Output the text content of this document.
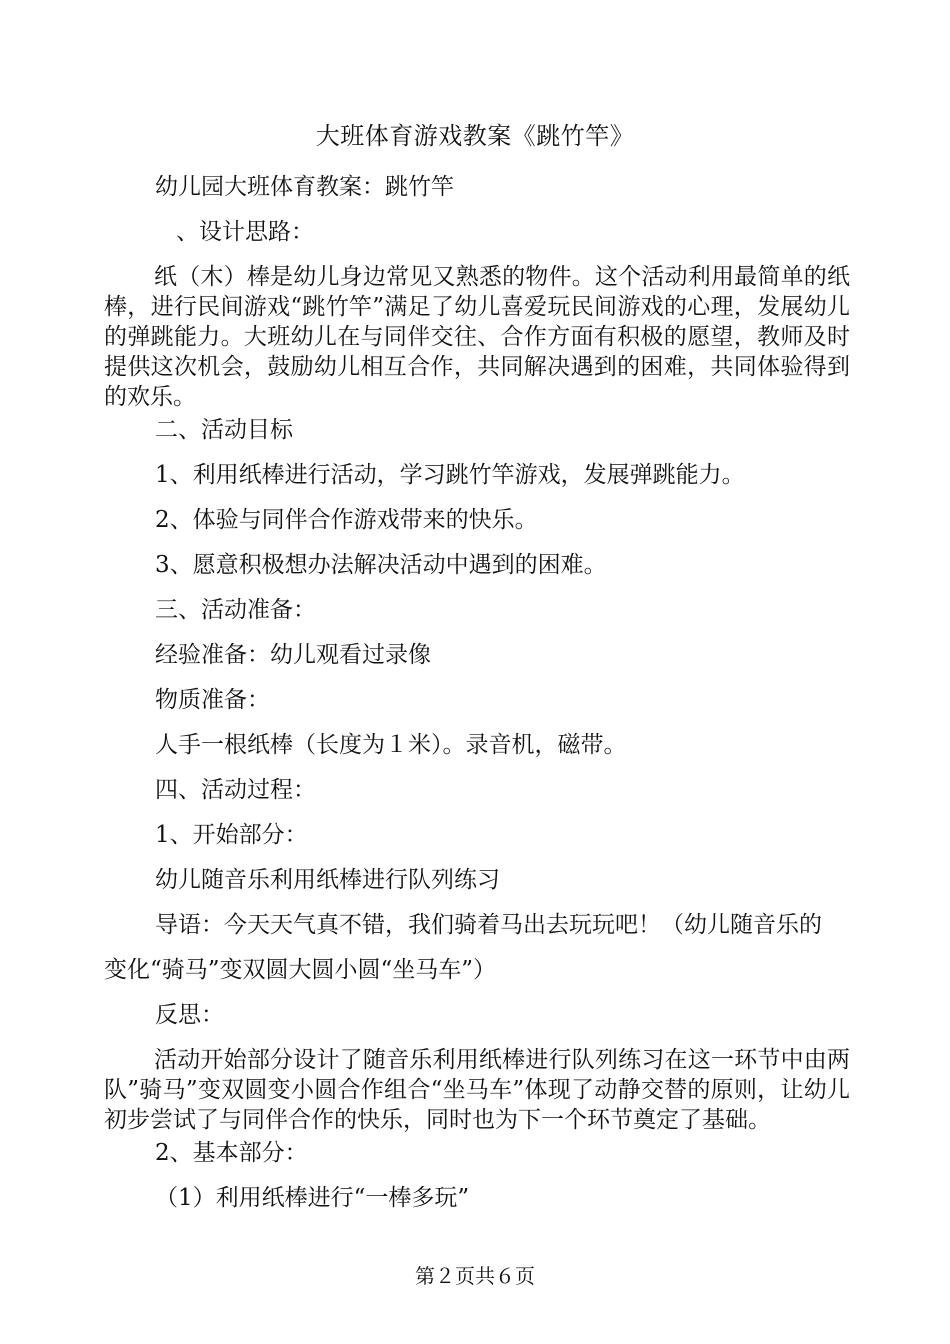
大班体育游戏教案《跳竹竿》
幼儿园大班体育教案：跳竹竿
、设计思路：
纸（木）棒是幼儿身边常见又熟悉的物件。这个活动利用最简单的纸棒，进行民间游戏“跳竹竿”满足了幼儿喜爱玩民间游戏的心理，发展幼儿的弹跳能力。大班幼儿在与同伴交往、合作方面有积极的愿望，教师及时提供这次机会，鼓励幼儿相互合作，共同解决遇到的困难，共同体验得到的欢乐。
二、活动目标
1、利用纸棒进行活动，学习跳竹竿游戏，发展弹跳能力。
2、体验与同伴合作游戏带来的快乐。
3、愿意积极想办法解决活动中遇到的困难。
三、活动准备：
经验准备：幼儿观看过录像
物质准备：
人手一根纸棒（长度为１米）。录音机，磁带。
四、活动过程：
1、开始部分：
幼儿随音乐利用纸棒进行队列练习
导语：今天天气真不错，我们骑着马出去玩玩吧！（幼儿随音乐的
变化“骑马”变双圆大圆小圆“坐马车”）
反思：
活动开始部分设计了随音乐利用纸棒进行队列练习在这一环节中由两队”骑马”变双圆变小圆合作组合“坐马车”体现了动静交替的原则，让幼儿初步尝试了与同伴合作的快乐，同时也为下一个环节奠定了基础。
2、基本部分：
（1）利用纸棒进行“一棒多玩”
第２页共６页
